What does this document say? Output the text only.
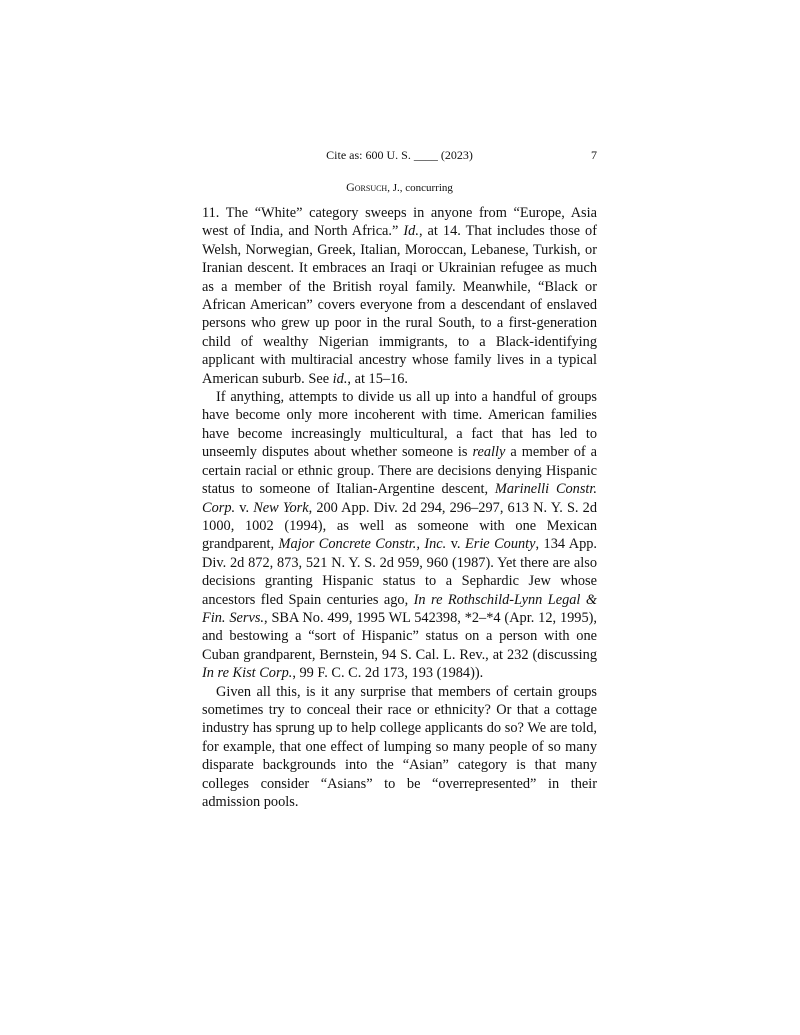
Cite as: 600 U. S. ____ (2023)	7
Gorsuch, J., concurring

11. The “White” category sweeps in anyone from “Europe, Asia west of India, and North Africa.” Id., at 14. That includes those of Welsh, Norwegian, Greek, Italian, Moroccan, Lebanese, Turkish, or Iranian descent. It embraces an Iraqi or Ukrainian refugee as much as a member of the British royal family. Meanwhile, “Black or African American” covers everyone from a descendant of enslaved persons who grew up poor in the rural South, to a first-generation child of wealthy Nigerian immigrants, to a Black-identifying applicant with multiracial ancestry whose family lives in a typical American suburb. See id., at 15–16.

If anything, attempts to divide us all up into a handful of groups have become only more incoherent with time. American families have become increasingly multicultural, a fact that has led to unseemly disputes about whether someone is really a member of a certain racial or ethnic group. There are decisions denying Hispanic status to someone of Italian-Argentine descent, Marinelli Constr. Corp. v. New York, 200 App. Div. 2d 294, 296–297, 613 N. Y. S. 2d 1000, 1002 (1994), as well as someone with one Mexican grandparent, Major Concrete Constr., Inc. v. Erie County, 134 App. Div. 2d 872, 873, 521 N. Y. S. 2d 959, 960 (1987). Yet there are also decisions granting Hispanic status to a Sephardic Jew whose ancestors fled Spain centuries ago, In re Rothschild-Lynn Legal & Fin. Servs., SBA No. 499, 1995 WL 542398, *2–*4 (Apr. 12, 1995), and bestowing a “sort of Hispanic” status on a person with one Cuban grandparent, Bernstein, 94 S. Cal. L. Rev., at 232 (discussing In re Kist Corp., 99 F. C. C. 2d 173, 193 (1984)).

Given all this, is it any surprise that members of certain groups sometimes try to conceal their race or ethnicity? Or that a cottage industry has sprung up to help college applicants do so? We are told, for example, that one effect of lumping so many people of so many disparate backgrounds into the “Asian” category is that many colleges consider “Asians” to be “overrepresented” in their admission pools.
